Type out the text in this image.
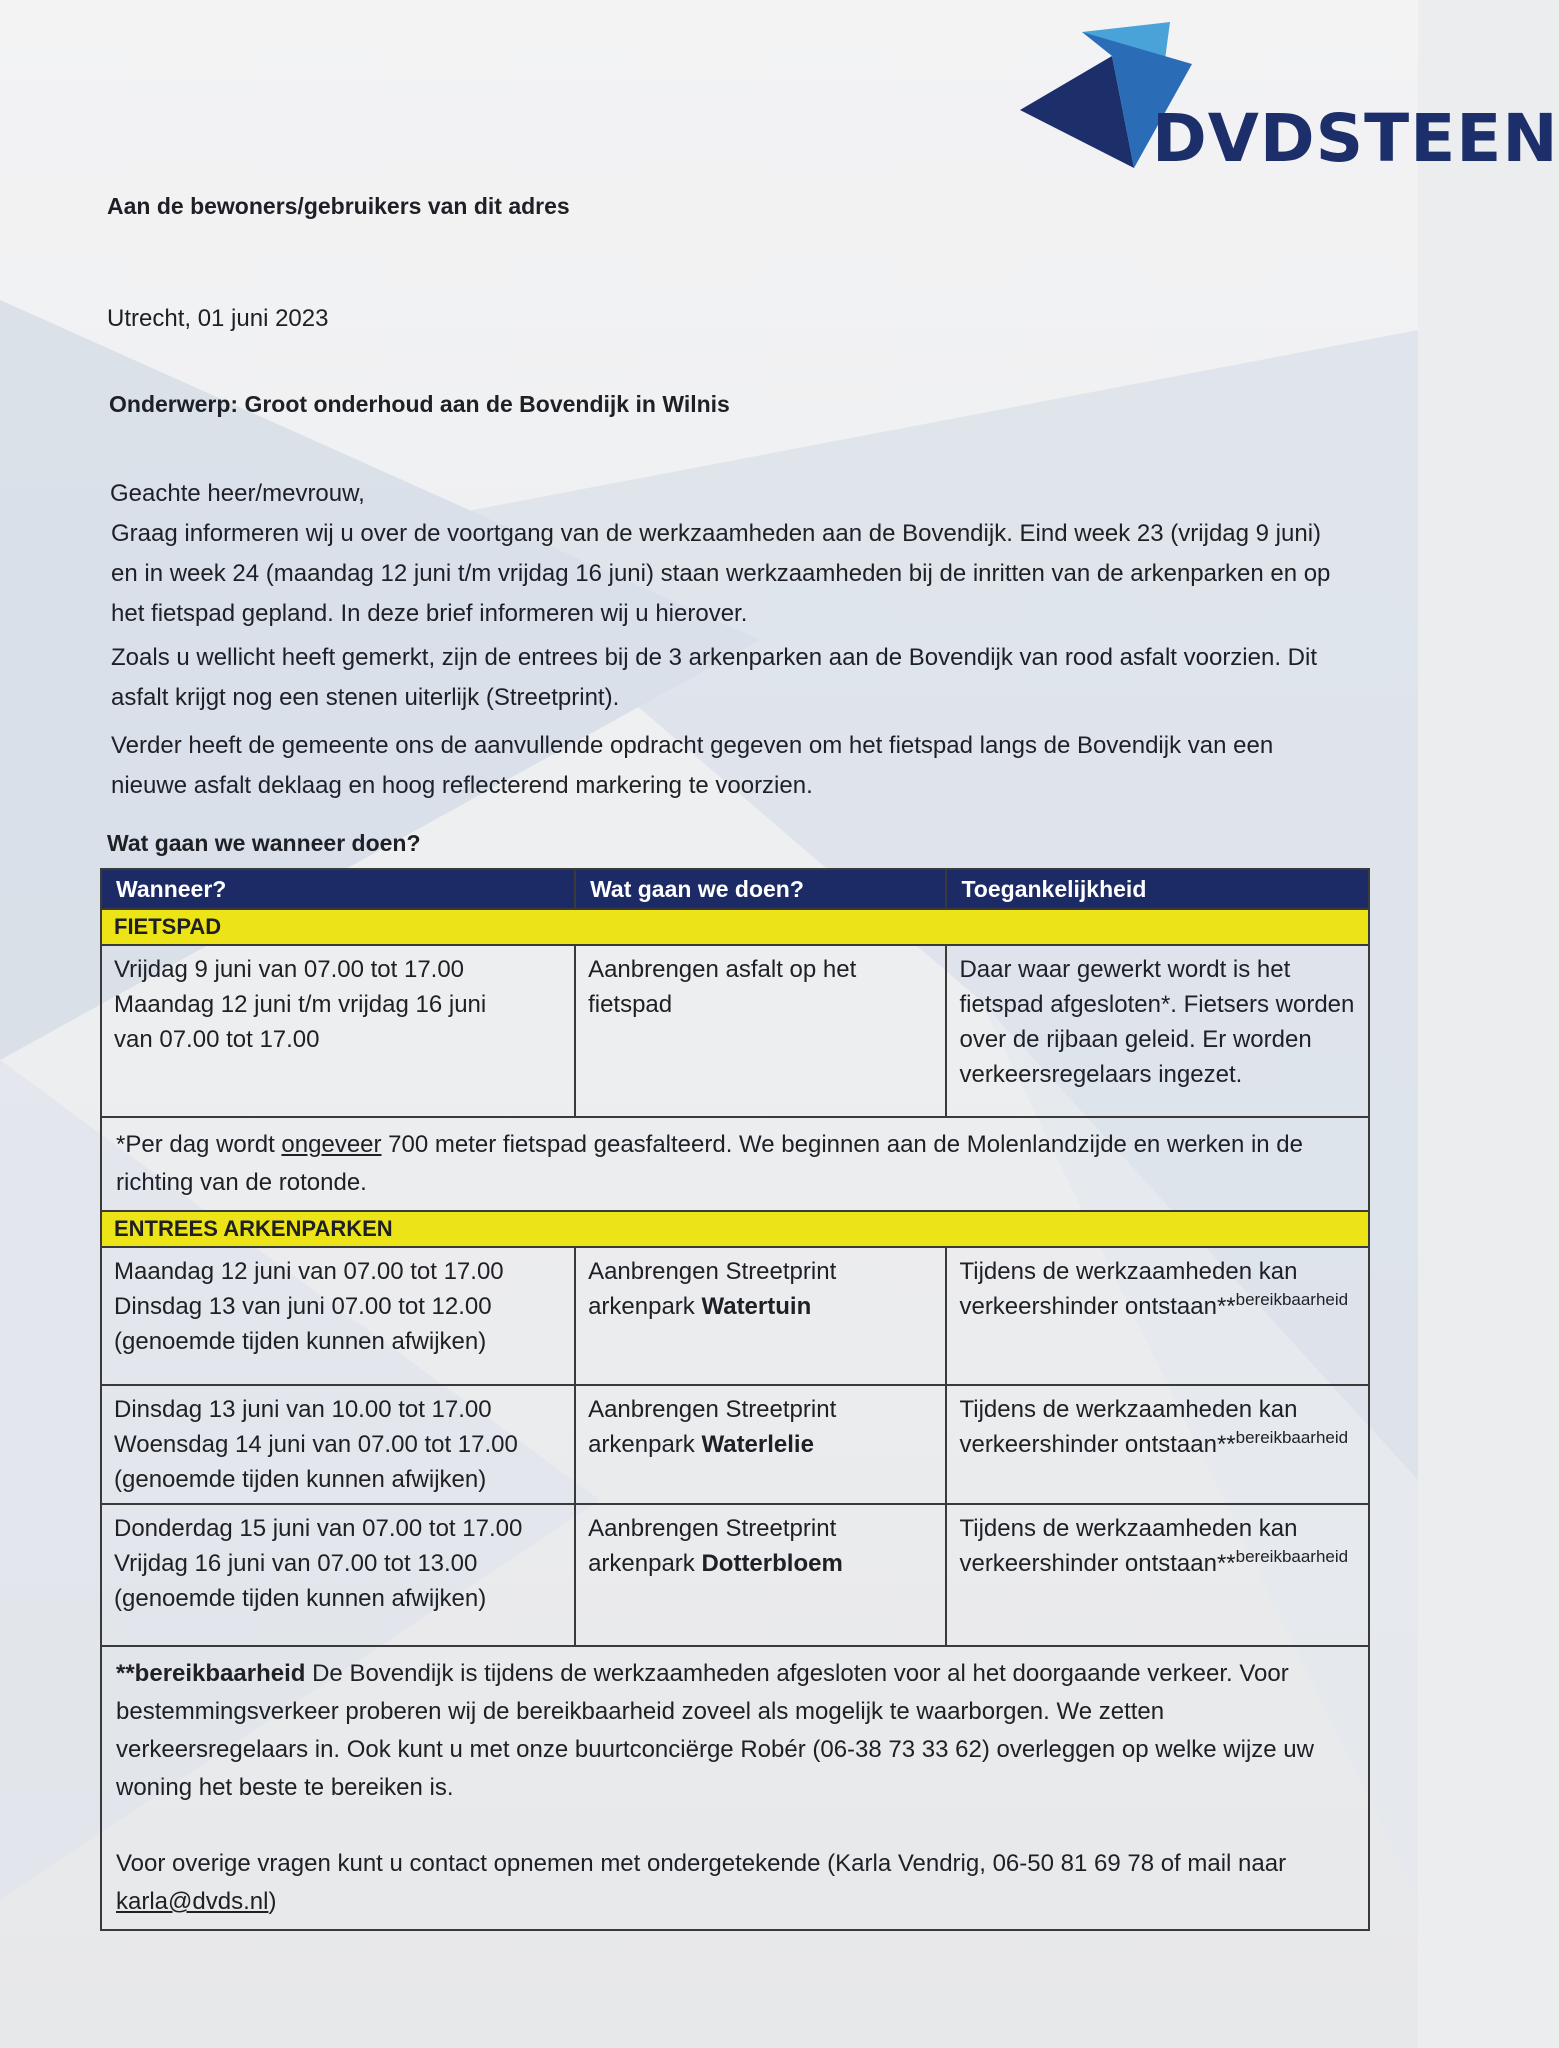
DVDSTEEN
Aan de bewoners/gebruikers van dit adres
Utrecht, 01 juni 2023
Onderwerp: Groot onderhoud aan de Bovendijk in Wilnis
Geachte heer/mevrouw,
Graag informeren wij u over de voortgang van de werkzaamheden aan de Bovendijk. Eind week 23 (vrijdag 9 juni) en in week 24 (maandag 12 juni t/m vrijdag 16 juni) staan werkzaamheden bij de inritten van de arkenparken en op het fietspad gepland. In deze brief informeren wij u hierover.
Zoals u wellicht heeft gemerkt, zijn de entrees bij de 3 arkenparken aan de Bovendijk van rood asfalt voorzien. Dit asfalt krijgt nog een stenen uiterlijk (Streetprint).
Verder heeft de gemeente ons de aanvullende opdracht gegeven om het fietspad langs de Bovendijk van een nieuwe asfalt deklaag en hoog reflecterend markering te voorzien.
Wat gaan we wanneer doen?
Wanneer?	Wat gaan we doen?	Toegankelijkheid
FIETSPAD		

Vrijdag 9 juni van 07.00 tot 17.00
Maandag 12 juni t/m vrijdag 16 juni
van 07.00 tot 17.00	Aanbrengen asfalt op het fietspad	Daar waar gewerkt wordt is het fietspad afgesloten*. Fietsers worden over de rijbaan geleid. Er worden verkeersregelaars ingezet.
*Per dag wordt ongeveer 700 meter fietspad geasfalteerd. We beginnen aan de Molenlandzijde en werken in de richting van de rotonde.		
ENTREES ARKENPARKEN		

Maandag 12 juni van 07.00 tot 17.00
Dinsdag 13 van juni 07.00 tot 12.00
(genoemde tijden kunnen afwijken)	Aanbrengen Streetprint arkenpark Watertuin	Tijdens de werkzaamheden kan verkeershinder ontstaan**$^{bereikbaarheid}$

Dinsdag 13 juni van 10.00 tot 17.00
Woensdag 14 juni van 07.00 tot 17.00
(genoemde tijden kunnen afwijken)	Aanbrengen Streetprint arkenpark Waterlelie	Tijdens de werkzaamheden kan verkeershinder ontstaan**$^{bereikbaarheid}$

Donderdag 15 juni van 07.00 tot 17.00
Vrijdag 16 juni van 07.00 tot 13.00
(genoemde tijden kunnen afwijken)	Aanbrengen Streetprint arkenpark Dotterbloem	Tijdens de werkzaamheden kan verkeershinder ontstaan**$^{bereikbaarheid}$
**bereikbaarheid De Bovendijk is tijdens de werkzaamheden afgesloten voor al het doorgaande verkeer. Voor bestemmingsverkeer proberen wij de bereikbaarheid zoveel als mogelijk te waarborgen. We zetten verkeersregelaars in. Ook kunt u met onze buurtconciërge Robér (06-38 73 33 62) overleggen op welke wijze uw woning het beste te bereiken is.
Voor overige vragen kunt u contact opnemen met ondergetekende (Karla Vendrig, 06-50 81 69 78 of mail naar karla@dvds.nl)		
